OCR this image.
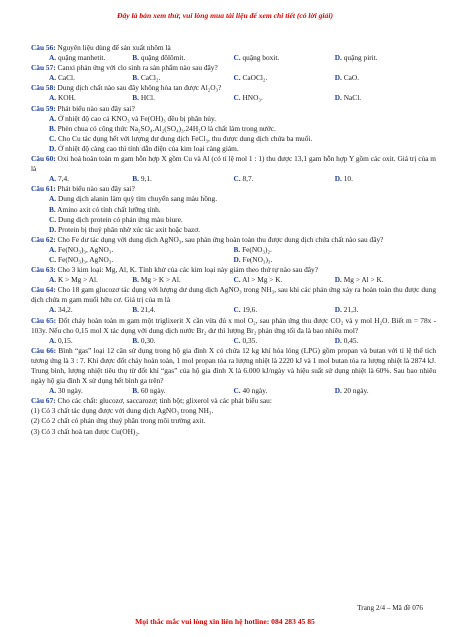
Đây là bản xem thử, vui lòng mua tài liệu để xem chi tiết (có lời giải)

Câu 56: Nguyên liệu dùng để sản xuất nhôm là

A. quặng manhetit.	B. quặng đôlômit.	C. quặng boxit.	D. quặng pirit.

Câu 57: Canxi phản ứng với clo sinh ra sản phẩm nào sau đây?

A. CaCl.	B. CaCl₂.	C. CaOCl₂.	D. CaO.

Câu 58: Dung dịch chất nào sau đây không hòa tan được Al₂O₃?

A. KOH.	B. HCl.	C. HNO₃.	D. NaCl.

Câu 59: Phát biểu nào sau đây sai?

A. Ở nhiệt độ cao cả KNO₃ và Fe(OH)₃ đều bị phân hủy.
B. Phèn chua có công thức Na₂SO₄.Al₂(SO₄)₃.24H₂O là chất làm trong nước.
C. Cho Cu tác dụng hết với lượng dư dung dịch FeCl₃, thu được dung dịch chứa ba muối.
D. Ở nhiệt độ càng cao thì tính dẫn điện của kim loại càng giảm.

Câu 60: Oxi hoá hoàn toàn m gam hỗn hợp X gồm Cu và Al (có tỉ lệ mol 1 : 1) thu được 13,1 gam hỗn hợp Y gồm các oxit. Giá trị của m là

A. 7,4.	B. 9,1.	C. 8,7.	D. 10.

Câu 61: Phát biểu nào sau đây sai?

A. Dung dịch alanin làm quỳ tím chuyển sang màu hồng.
B. Amino axit có tính chất lưỡng tính.
C. Dung dịch protein có phản ứng màu biure.
D. Protein bị thuỷ phân nhờ xúc tác axit hoặc bazơ.

Câu 62: Cho Fe dư tác dụng với dung dịch AgNO₃, sau phản ứng hoàn toàn thu được dung dịch chứa chất nào sau đây?

A. Fe(NO₃)₃, AgNO₃.	B. Fe(NO₃)₂.
C. Fe(NO₃)₃, AgNO₃.	D. Fe(NO₃)₃.

Câu 63: Cho 3 kim loại: Mg, Al, K. Tính khử của các kim loại này giảm theo thứ tự nào sau đây?

A. K > Mg > Al.	B. Mg > K > Al.	C. Al > Mg > K.	D. Mg > Al > K.

Câu 64: Cho 18 gam glucozơ tác dụng với lượng dư dung dịch AgNO₃ trong NH₃, sau khi các phản ứng xảy ra hoàn toàn thu được dung dịch chứa m gam muối hữu cơ. Giá trị của m là

A. 34,2.	B. 21,4.	C. 19,6.	D. 21,3.

Câu 65: Đốt cháy hoàn toàn m gam một triglixerit X cần vừa đủ x mol O₂, sau phản ứng thu được CO₂ và y mol H₂O. Biết m = 78x - 103y. Nếu cho 0,15 mol X tác dụng với dung dịch nước Br₂ dư thì lượng Br₂ phản ứng tối đa là bao nhiêu mol?

A. 0,15.	B. 0,30.	C. 0,35.	D. 0,45.

Câu 66: Bình “gas” loại 12 cân sử dụng trong hộ gia đình X có chứa 12 kg khí hóa lỏng (LPG) gồm propan và butan với tỉ lệ thể tích tương ứng là 3 : 7. Khi được đốt cháy hoàn toàn, 1 mol propan tỏa ra lượng nhiệt là 2220 kJ và 1 mol butan tỏa ra lượng nhiệt là 2874 kJ. Trung bình, lượng nhiệt tiêu thụ từ đốt khí “gas” của hộ gia đình X là 6.000 kJ/ngày và hiệu suất sử dụng nhiệt là 60%. Sau bao nhiêu ngày hộ gia đình X sử dụng hết bình ga trên?

A. 30 ngày.	B. 60 ngày.	C. 40 ngày.	D. 20 ngày.

Câu 67: Cho các chất: glucozơ, saccarozơ; tinh bột; glixerol và các phát biểu sau:

(1) Có 3 chất tác dụng được với dung dịch AgNO₃ trong NH₃.
(2) Có 2 chất có phản ứng thuỷ phân trong môi trường axit.
(3) Có 3 chất hoà tan được Cu(OH)₂.
Trang 2/4 – Mã đề 076
Mọi thắc mắc vui lòng xin liên hệ hotline: 084 283 45 85
